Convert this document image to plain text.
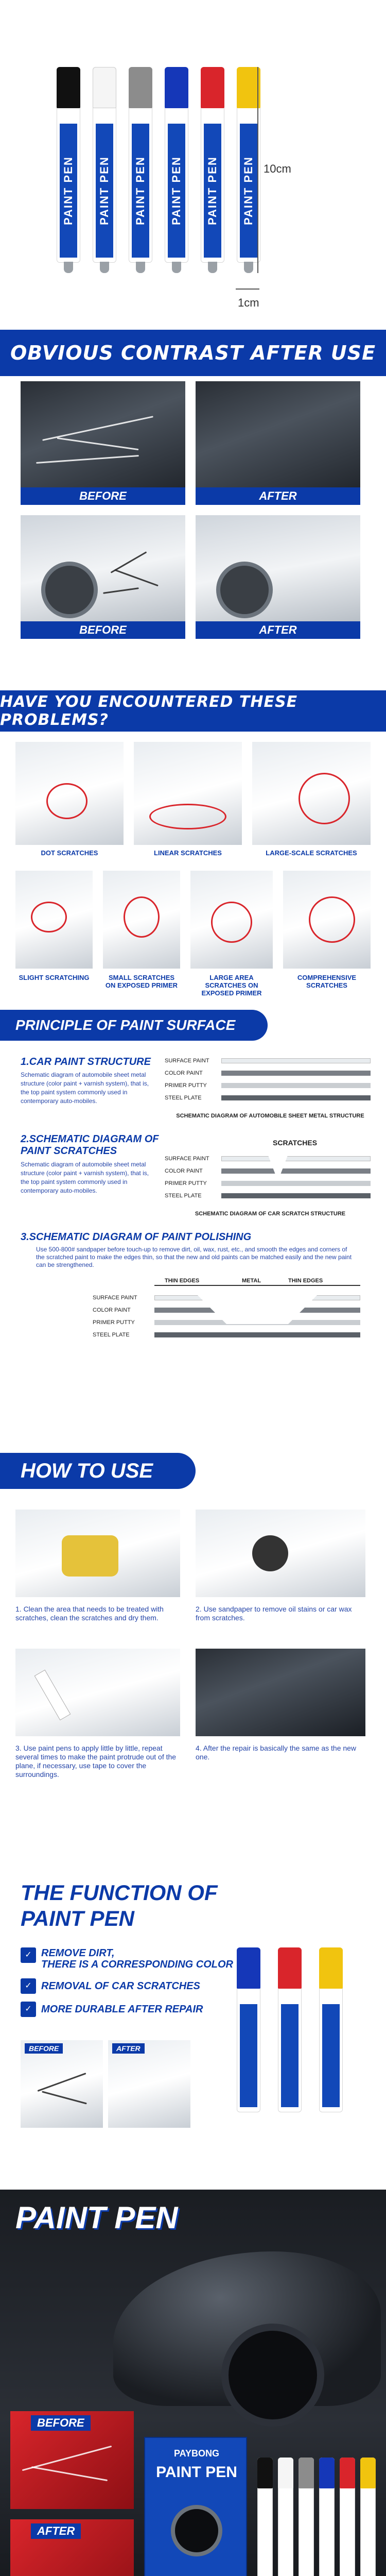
PAINT PEN PAINT PEN PAINT PEN PAINT PEN PAINT PEN PAINT PEN 10cm
1cm
OBVIOUS CONTRAST AFTER USE
BEFORE	AFTER
BEFORE	AFTER
HAVE YOU ENCOUNTERED THESE PROBLEMS?
DOT SCRATCHES	LINEAR SCRATCHES	LARGE-SCALE SCRATCHES
SLIGHT SCRATCHING	SMALL SCRATCHES ON EXPOSED PRIMER
LARGE AREA SCRATCHES ON EXPOSED PRIMER
COMPREHENSIVE SCRATCHES
PRINCIPLE OF PAINT SURFACE
1.CAR PAINT STRUCTURE
Schematic diagram of automobile sheet metal structure (color paint + varnish system), that is, the top paint system commonly used in contemporary auto-mobiles.
SURFACE PAINT
COLOR PAINT
PRIMER PUTTY
STEEL PLATE
SCHEMATIC DIAGRAM OF AUTOMOBILE SHEET METAL STRUCTURE
2.SCHEMATIC DIAGRAM OF PAINT SCRATCHES
Schematic diagram of automobile sheet metal structure (color paint + varnish system), that is, the top paint system commonly used in contemporary auto-mobiles.
SCRATCHES
SURFACE PAINT
COLOR PAINT
PRIMER PUTTY
STEEL PLATE
SCHEMATIC DIAGRAM OF CAR SCRATCH STRUCTURE
3.SCHEMATIC DIAGRAM OF PAINT POLISHING
Use 500-800# sandpaper before touch-up to remove dirt, oil, wax, rust, etc., and smooth the edges and corners of the scratched paint to make the edges thin, so that the new and old paints can be matched easily and the new paint can be strengthened.
THIN EDGES	METAL	THIN EDGES
SURFACE PAINT
COLOR PAINT
PRIMER PUTTY
STEEL PLATE
HOW TO USE
1. Clean the area that needs to be treated with scratches, clean the scratches and dry them.
2. Use sandpaper to remove oil stains or car wax from scratches.
3. Use paint pens to apply little by little, repeat several times to make the paint protrude out of the plane, if necessary, use tape to cover the surroundings.
4. After the repair is basically the same as the new one.
THE FUNCTION OF
PAINT PEN
✓ REMOVE DIRT,
THERE IS A CORRESPONDING COLOR
✓ REMOVAL OF CAR SCRATCHES
✓ MORE DURABLE AFTER REPAIR
BEFORE	AFTER
PAINT PEN
BEFORE
AFTER
PAYBONG
PAINT PEN
